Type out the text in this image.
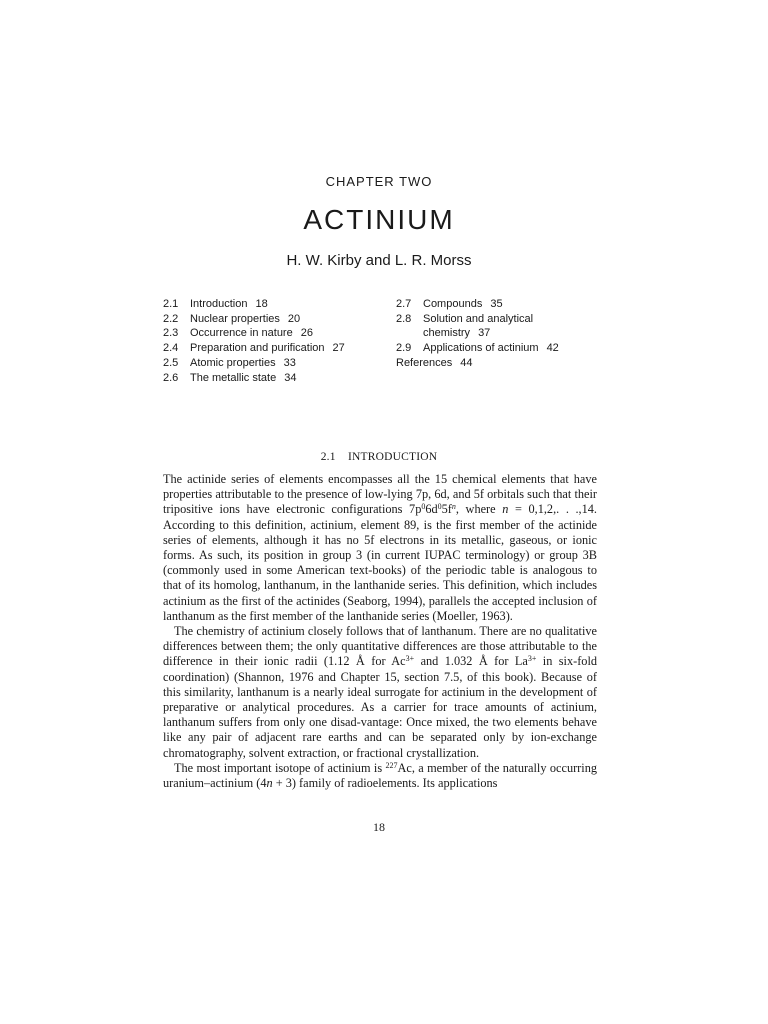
CHAPTER TWO
ACTINIUM
H. W. Kirby and L. R. Morss
2.1	Introduction 18
2.2	Nuclear properties 20
2.3	Occurrence in nature 26
2.4	Preparation and purification 27
2.5	Atomic properties 33
2.6	The metallic state 34
2.7	Compounds 35
2.8	Solution and analytical
chemistry 37
2.9	Applications of actinium 42
References 44
2.1 INTRODUCTION

The actinide series of elements encompasses all the 15 chemical elements that have properties attributable to the presence of low-lying 7p, 6d, and 5f orbitals such that their tripositive ions have electronic configurations $7p^06d^05f^n$, where n = 0,1,2,. . .,14. According to this definition, actinium, element 89, is the first member of the actinide series of elements, although it has no 5f electrons in its metallic, gaseous, or ionic forms. As such, its position in group 3 (in current IUPAC terminology) or group 3B (commonly used in some American text-books) of the periodic table is analogous to that of its homolog, lanthanum, in the lanthanide series. This definition, which includes actinium as the first of the actinides (Seaborg, 1994), parallels the accepted inclusion of lanthanum as the first member of the lanthanide series (Moeller, 1963).

The chemistry of actinium closely follows that of lanthanum. There are no qualitative differences between them; the only quantitative differences are those attributable to the difference in their ionic radii (1.12 Å for $Ac^{3+}$ and 1.032 Å for $La^{3+}$ in six-fold coordination) (Shannon, 1976 and Chapter 15, section 7.5, of this book). Because of this similarity, lanthanum is a nearly ideal surrogate for actinium in the development of preparative or analytical procedures. As a carrier for trace amounts of actinium, lanthanum suffers from only one disad-vantage: Once mixed, the two elements behave like any pair of adjacent rare earths and can be separated only by ion-exchange chromatography, solvent extraction, or fractional crystallization.

The most important isotope of actinium is $^{227}$Ac, a member of the naturally occurring uranium–actinium (4n + 3) family of radioelements. Its applications

18
